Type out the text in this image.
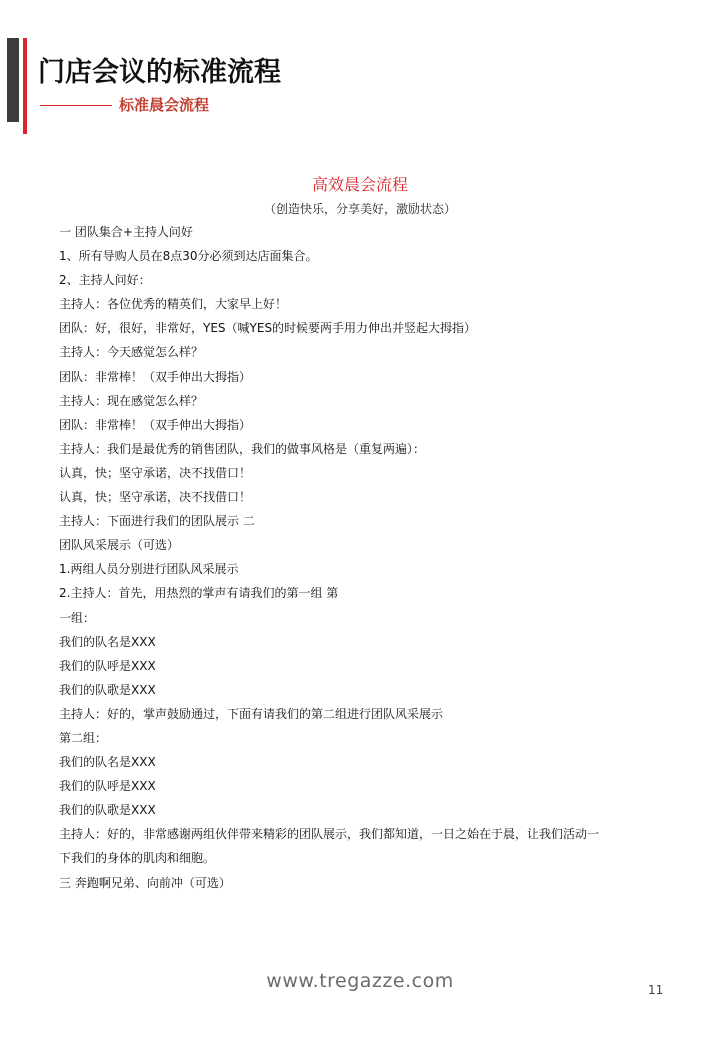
门店会议的标准流程
标准晨会流程
高效晨会流程
（创造快乐，分享美好，激励状态）
一 团队集合+主持人问好
1、所有导购人员在8点30分必须到达店面集合。
2、主持人问好：
主持人：各位优秀的精英们，大家早上好！
团队：好，很好，非常好，YES（喊YES的时候要两手用力伸出并竖起大拇指）
主持人：今天感觉怎么样？
团队：非常棒！（双手伸出大拇指）
主持人：现在感觉怎么样？
团队：非常棒！（双手伸出大拇指）
主持人：我们是最优秀的销售团队，我们的做事风格是（重复两遍）：
认真，快；坚守承诺，决不找借口！
认真，快；坚守承诺，决不找借口！
主持人：下面进行我们的团队展示 二
团队风采展示（可选）
1.两组人员分别进行团队风采展示
2.主持人：首先，用热烈的掌声有请我们的第一组 第
一组：
我们的队名是XXX
我们的队呼是XXX
我们的队歌是XXX
主持人：好的，掌声鼓励通过，下面有请我们的第二组进行团队风采展示
第二组：
我们的队名是XXX
我们的队呼是XXX
我们的队歌是XXX
主持人：好的，非常感谢两组伙伴带来精彩的团队展示，我们都知道，一日之始在于晨，让我们活动一
下我们的身体的肌肉和细胞。
三 奔跑啊兄弟、向前冲（可选）
www.tregazze.com	11
